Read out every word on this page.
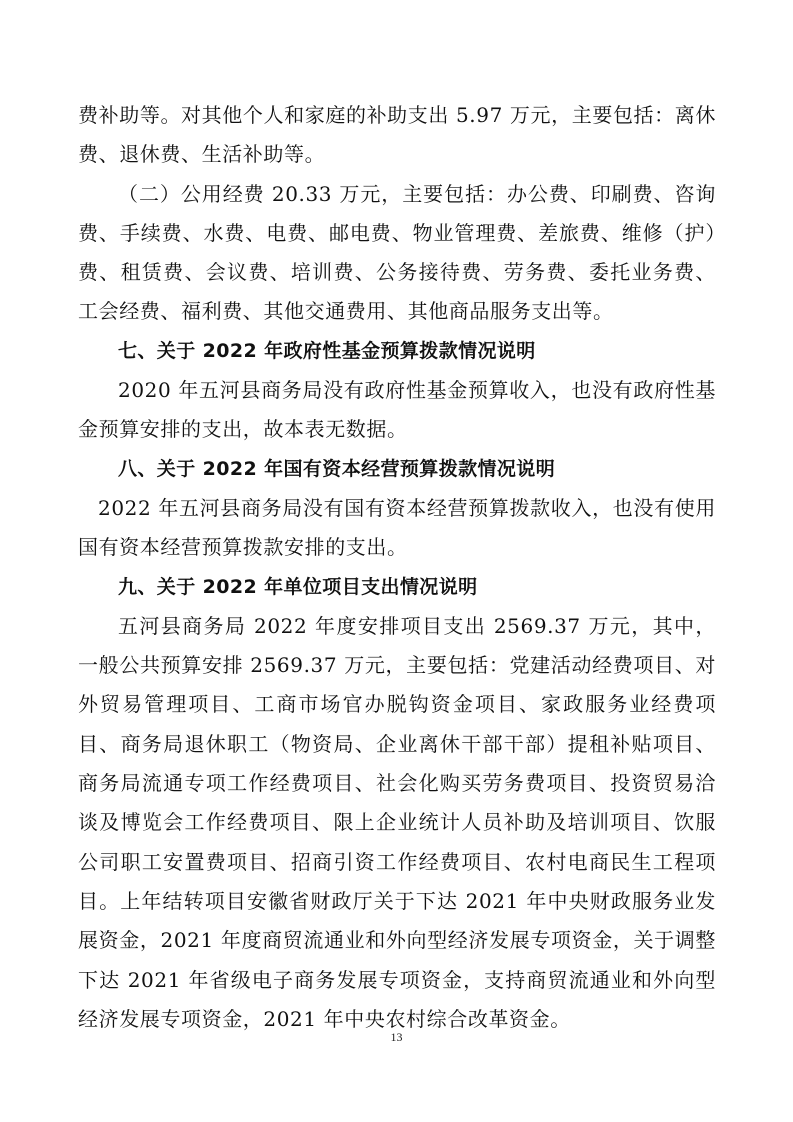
费补助等。对其他个人和家庭的补助支出 5.97 万元，主要包括：离休费、退休费、生活补助等。

（二）公用经费 20.33 万元，主要包括：办公费、印刷费、咨询费、手续费、水费、电费、邮电费、物业管理费、差旅费、维修（护）费、租赁费、会议费、培训费、公务接待费、劳务费、委托业务费、工会经费、福利费、其他交通费用、其他商品服务支出等。

七、关于 2022 年政府性基金预算拨款情况说明

2020 年五河县商务局没有政府性基金预算收入，也没有政府性基金预算安排的支出，故本表无数据。

八、关于 2022 年国有资本经营预算拨款情况说明

2022 年五河县商务局没有国有资本经营预算拨款收入，也没有使用国有资本经营预算拨款安排的支出。

九、关于 2022 年单位项目支出情况说明

五河县商务局 2022 年度安排项目支出 2569.37 万元，其中，一般公共预算安排 2569.37 万元，主要包括：党建活动经费项目、对外贸易管理项目、工商市场官办脱钩资金项目、家政服务业经费项目、商务局退休职工（物资局、企业离休干部干部）提租补贴项目、商务局流通专项工作经费项目、社会化购买劳务费项目、投资贸易洽谈及博览会工作经费项目、限上企业统计人员补助及培训项目、饮服公司职工安置费项目、招商引资工作经费项目、农村电商民生工程项目。上年结转项目安徽省财政厅关于下达 2021 年中央财政服务业发展资金，2021 年度商贸流通业和外向型经济发展专项资金，关于调整下达 2021 年省级电子商务发展专项资金，支持商贸流通业和外向型经济发展专项资金，2021 年中央农村综合改革资金。

13
